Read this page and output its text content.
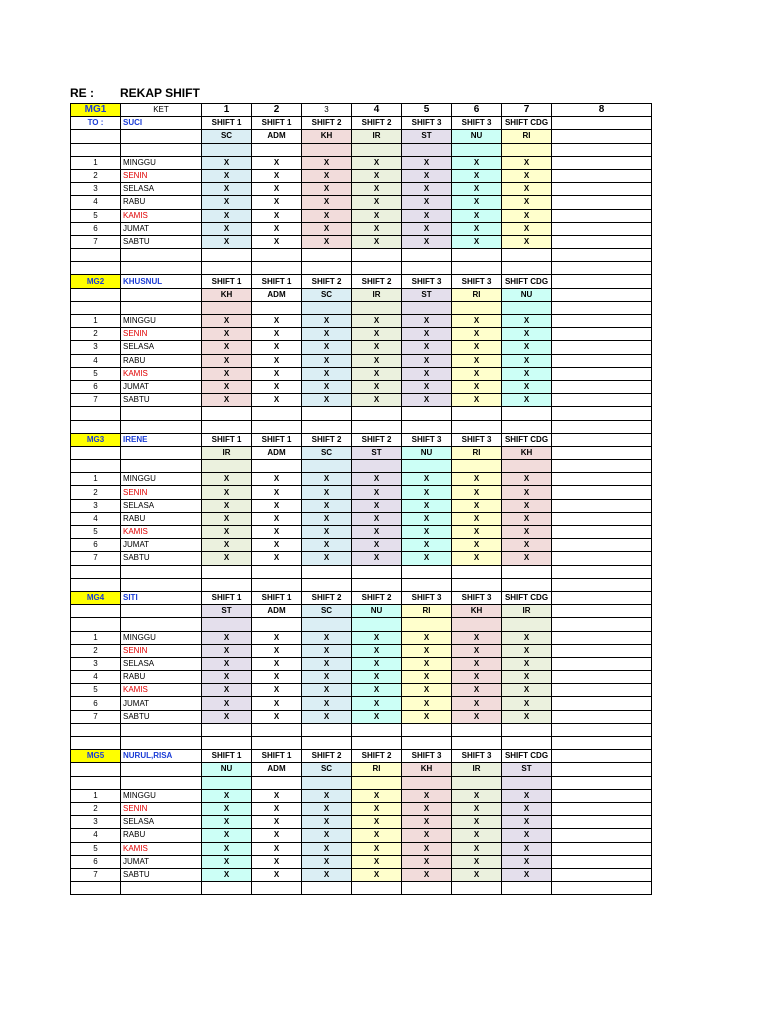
RE : REKAP SHIFT
MG1	KET	1	2	3	4	5	6	7	8
TO :	SUCI	SHIFT 1	SHIFT 1	SHIFT 2	SHIFT 2	SHIFT 3	SHIFT 3	SHIFT CDG	
		SC	ADM	KH	IR	ST	NU	RI	

1	MINGGU	X	X	X	X	X	X	X	
2	SENIN	X	X	X	X	X	X	X	
3	SELASA	X	X	X	X	X	X	X	
4	RABU	X	X	X	X	X	X	X	
5	KAMIS	X	X	X	X	X	X	X	
6	JUMAT	X	X	X	X	X	X	X	
7	SABTU	X	X	X	X	X	X	X	

MG2	KHUSNUL	SHIFT 1	SHIFT 1	SHIFT 2	SHIFT 2	SHIFT 3	SHIFT 3	SHIFT CDG	
		KH	ADM	SC	IR	ST	RI	NU	

1	MINGGU	X	X	X	X	X	X	X	
2	SENIN	X	X	X	X	X	X	X	
3	SELASA	X	X	X	X	X	X	X	
4	RABU	X	X	X	X	X	X	X	
5	KAMIS	X	X	X	X	X	X	X	
6	JUMAT	X	X	X	X	X	X	X	
7	SABTU	X	X	X	X	X	X	X	

MG3	IRENE	SHIFT 1	SHIFT 1	SHIFT 2	SHIFT 2	SHIFT 3	SHIFT 3	SHIFT CDG	
		IR	ADM	SC	ST	NU	RI	KH	

1	MINGGU	X	X	X	X	X	X	X	
2	SENIN	X	X	X	X	X	X	X	
3	SELASA	X	X	X	X	X	X	X	
4	RABU	X	X	X	X	X	X	X	
5	KAMIS	X	X	X	X	X	X	X	
6	JUMAT	X	X	X	X	X	X	X	
7	SABTU	X	X	X	X	X	X	X	

MG4	SITI	SHIFT 1	SHIFT 1	SHIFT 2	SHIFT 2	SHIFT 3	SHIFT 3	SHIFT CDG	
		ST	ADM	SC	NU	RI	KH	IR	

1	MINGGU	X	X	X	X	X	X	X	
2	SENIN	X	X	X	X	X	X	X	
3	SELASA	X	X	X	X	X	X	X	
4	RABU	X	X	X	X	X	X	X	
5	KAMIS	X	X	X	X	X	X	X	
6	JUMAT	X	X	X	X	X	X	X	
7	SABTU	X	X	X	X	X	X	X	

MG5	NURUL,RISA	SHIFT 1	SHIFT 1	SHIFT 2	SHIFT 2	SHIFT 3	SHIFT 3	SHIFT CDG	
		NU	ADM	SC	RI	KH	IR	ST	

1	MINGGU	X	X	X	X	X	X	X	
2	SENIN	X	X	X	X	X	X	X	
3	SELASA	X	X	X	X	X	X	X	
4	RABU	X	X	X	X	X	X	X	
5	KAMIS	X	X	X	X	X	X	X	
6	JUMAT	X	X	X	X	X	X	X	
7	SABTU	X	X	X	X	X	X	X	
